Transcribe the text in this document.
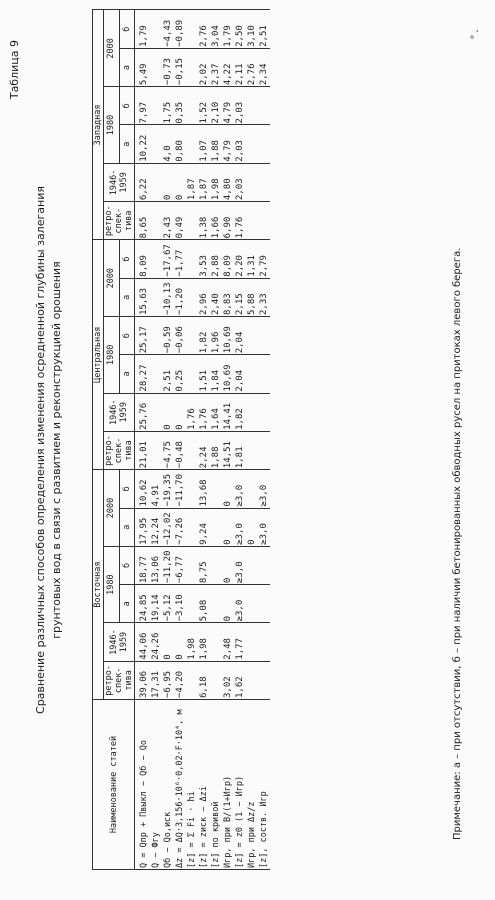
Таблица 9
Сравнение различных способов определения изменения осредненной глубины залегания грунтовых вод в связи с развитием и реконструкцией орошения
Наименование статей	Восточная						Центральная						Западная					
	ретро-спек-тива	1946-1959	1980		2000		ретро-спек-тива	1946-1959	1980		2000		ретро-спек-тива	1946-1959	1980		2000	
			а	б	а	б			а	б	а	б			а	б	а	б
Q = Qпр + Пвыкл − Qб − Qo	39,06	44,06	24,85	18,77	17,95	10,62	21,01	25,76	28,27	25,17	15,63	8,09	8,65	6,22	10,22	7,97	5,49	1,79
Q − Фгу	17,31	24,26	19,14	13,06	12,24	4,91												
Qб − Qo,иск	−6,95	0	−5,12	−11,20	−12,02	−19,35	−4,75	0	2,51	−0,59	−10,13	−17,67	2,43	0	4,0	1,75	−0,73	−4,43
Δz = ΔQ·3,156·10⁶·0,02·F·10⁴, м	−4,20	0	−3,10	−6,77	−7,26	−11,70	−0,48	0	0,25	−0,06	−1,20	−1,77	0,49	0	0,80	0,35	−0,15	−0,89
[z] = Σ Fi · hi		1,98						1,76						1,87				
[z] = zиск − Δzi	6,18	1,98	5,08	8,75	9,24	13,68	2,24	1,76	1,51	1,82	2,96	3,53	1,38	1,87	1,07	1,52	2,02	2,76
[z] по кривой							1,88	1,64	1,84	1,96	2,40	2,88	1,66	1,98	1,88	2,10	2,37	3,04
Игр, при В/(1+Игр)	3,02	2,48	0	0	0	0	14,51	14,41	10,69	10,69	8,83	8,09	6,90	4,80	4,79	4,79	4,22	1,79
[z] = z0 (1 − Игр)	1,62	1,77	≥3,0	≥3,0	≥3,0	≥3,0	1,81	1,82	2,04	2,04	2,15	2,20	1,76	2,03	2,03	2,03	2,11	2,50
Игр, при Δz/z					0						5,88	1,31					2,76	3,10
[z], соств. Игр					≥3,0	≥3,0					2,33	2,79					2,34	2,51
Примечание: а – при отсутствии, б – при наличии бетонированных обводных русел на притоках левого берега.
°.
